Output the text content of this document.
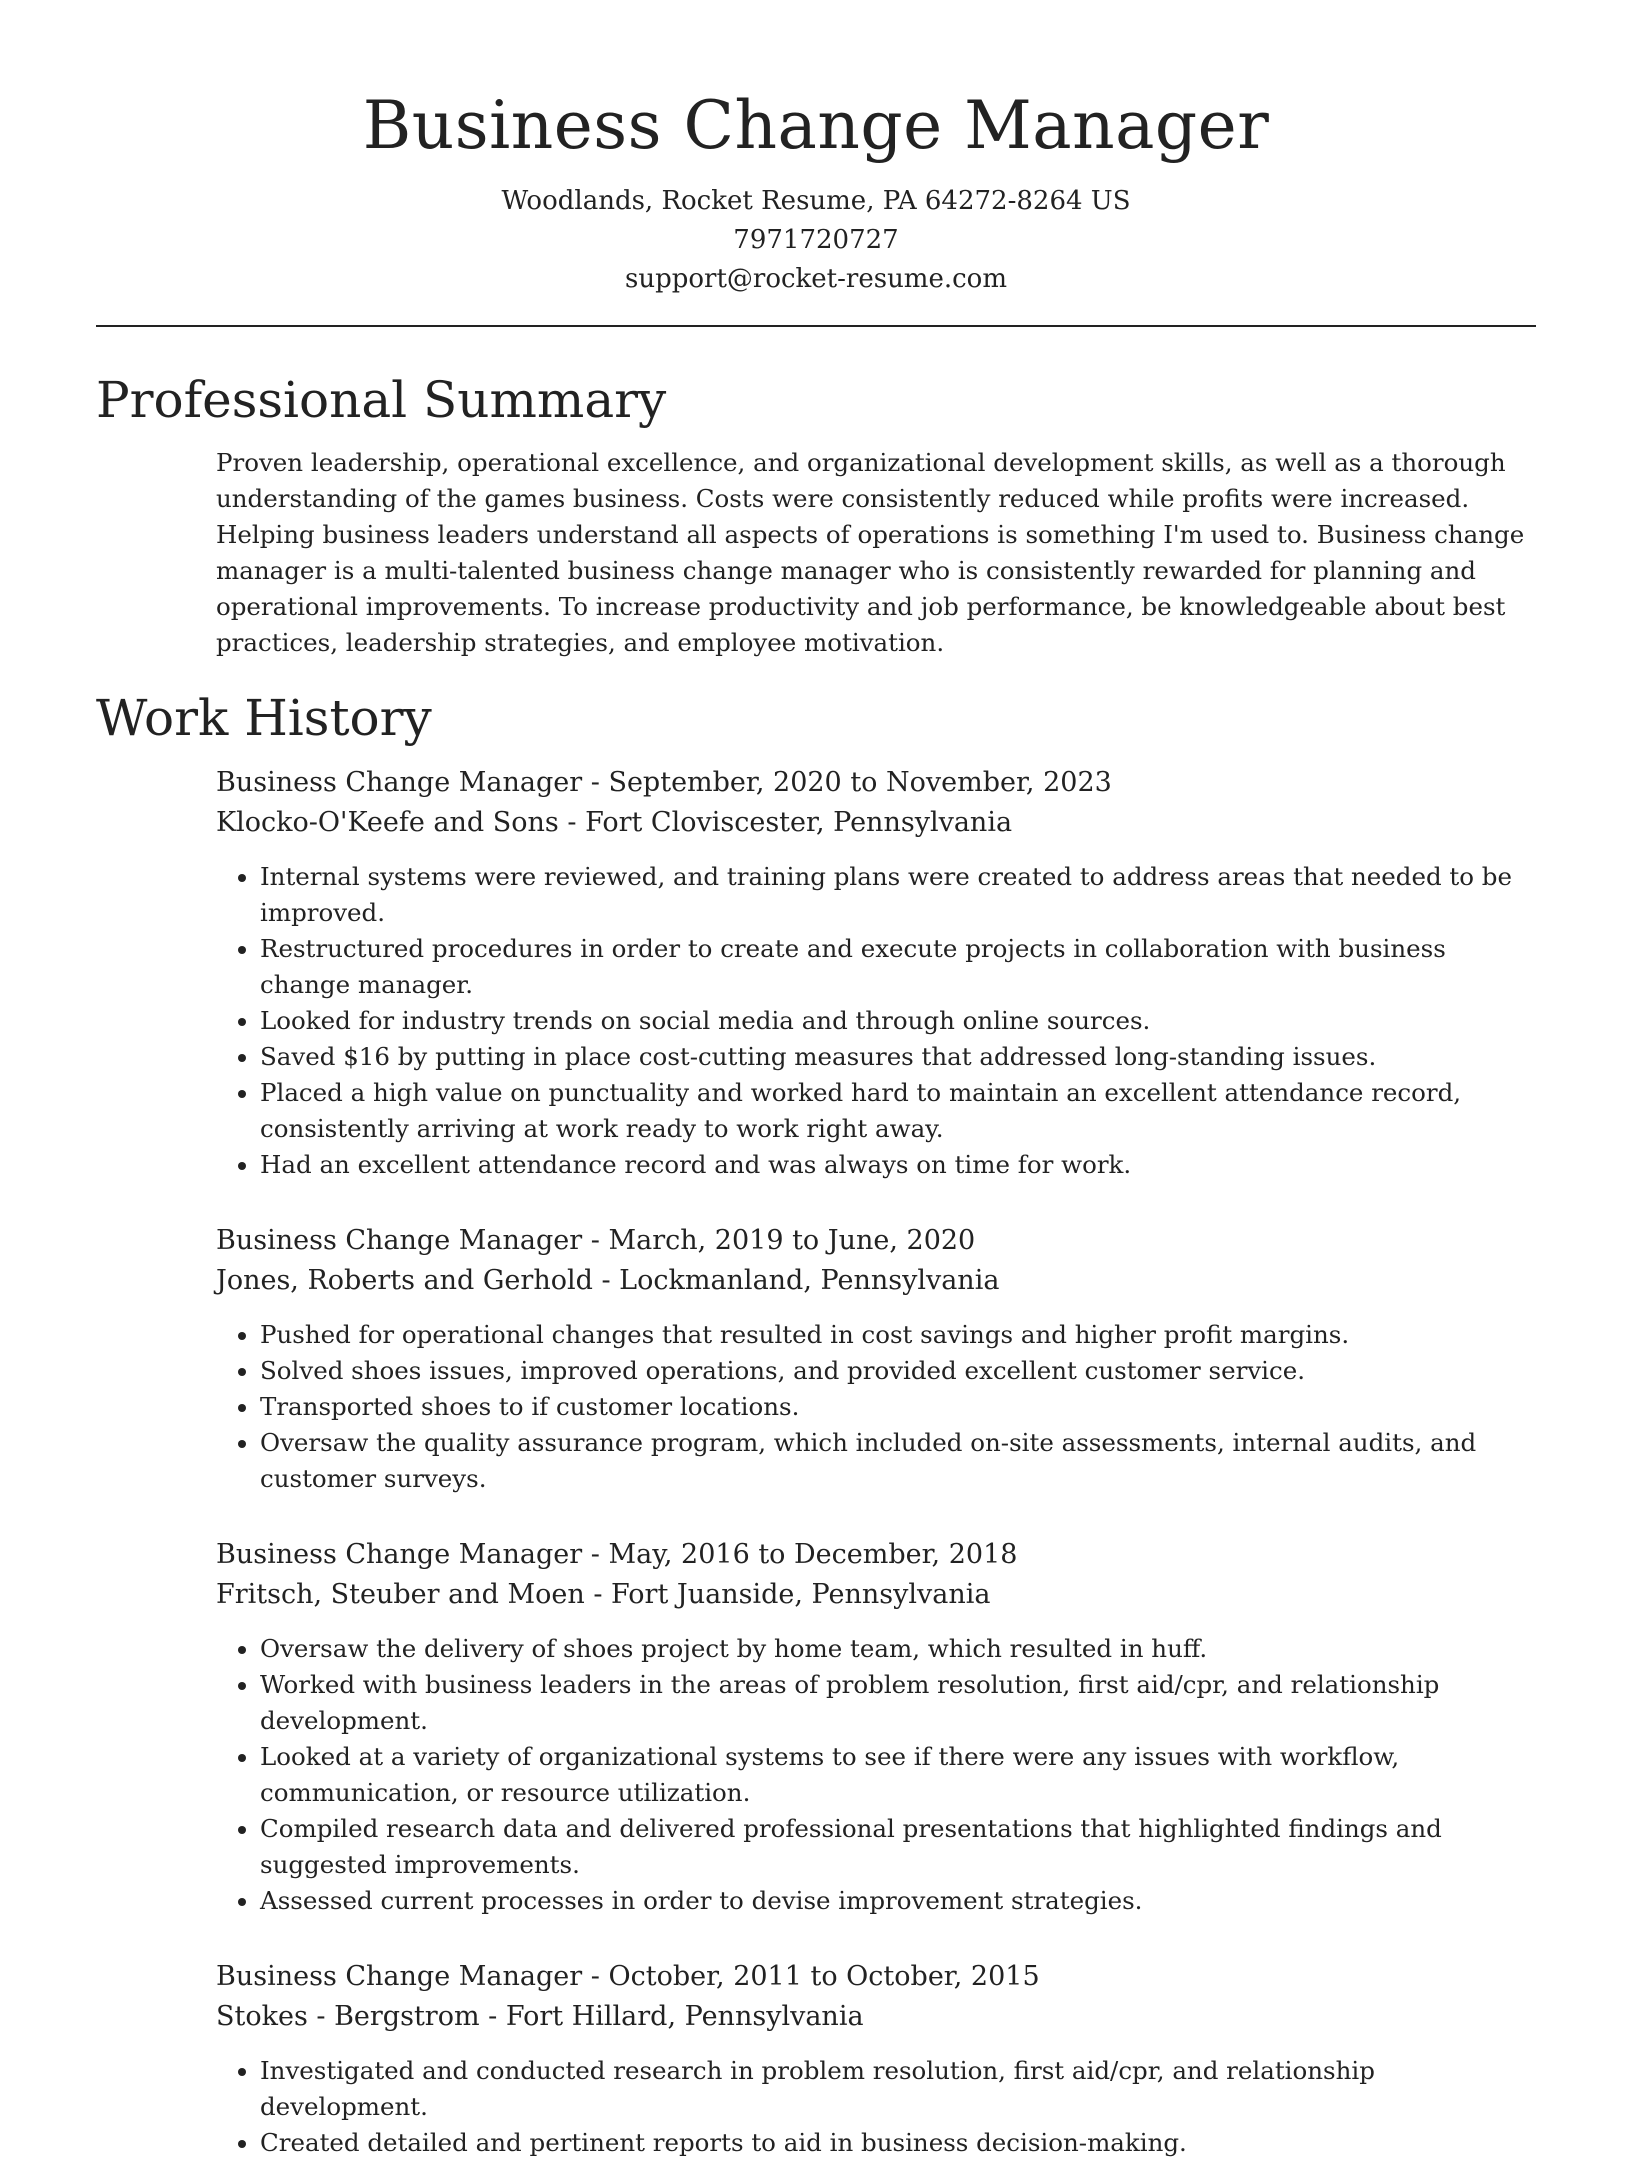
Business Change Manager
Woodlands, Rocket Resume, PA 64272-8264 US
7971720727
support@rocket-resume.com
Professional Summary
Proven leadership, operational excellence, and organizational development skills, as well as a thorough understanding of the games business. Costs were consistently reduced while profits were increased. Helping business leaders understand all aspects of operations is something I'm used to. Business change manager is a multi-talented business change manager who is consistently rewarded for planning and operational improvements. To increase productivity and job performance, be knowledgeable about best practices, leadership strategies, and employee motivation.
Work History
Business Change Manager - September, 2020 to November, 2023
Klocko-O'Keefe and Sons - Fort Cloviscester, Pennsylvania
• Internal systems were reviewed, and training plans were created to address areas that needed to be improved.
• Restructured procedures in order to create and execute projects in collaboration with business change manager.
• Looked for industry trends on social media and through online sources.
• Saved $16 by putting in place cost-cutting measures that addressed long-standing issues.
• Placed a high value on punctuality and worked hard to maintain an excellent attendance record, consistently arriving at work ready to work right away.
• Had an excellent attendance record and was always on time for work.
Business Change Manager - March, 2019 to June, 2020
Jones, Roberts and Gerhold - Lockmanland, Pennsylvania
• Pushed for operational changes that resulted in cost savings and higher profit margins.
• Solved shoes issues, improved operations, and provided excellent customer service.
• Transported shoes to if customer locations.
• Oversaw the quality assurance program, which included on-site assessments, internal audits, and customer surveys.
Business Change Manager - May, 2016 to December, 2018
Fritsch, Steuber and Moen - Fort Juanside, Pennsylvania
• Oversaw the delivery of shoes project by home team, which resulted in huff.
• Worked with business leaders in the areas of problem resolution, first aid/cpr, and relationship development.
• Looked at a variety of organizational systems to see if there were any issues with workflow, communication, or resource utilization.
• Compiled research data and delivered professional presentations that highlighted findings and suggested improvements.
• Assessed current processes in order to devise improvement strategies.
Business Change Manager - October, 2011 to October, 2015
Stokes - Bergstrom - Fort Hillard, Pennsylvania
• Investigated and conducted research in problem resolution, first aid/cpr, and relationship development.
• Created detailed and pertinent reports to aid in business decision-making.
